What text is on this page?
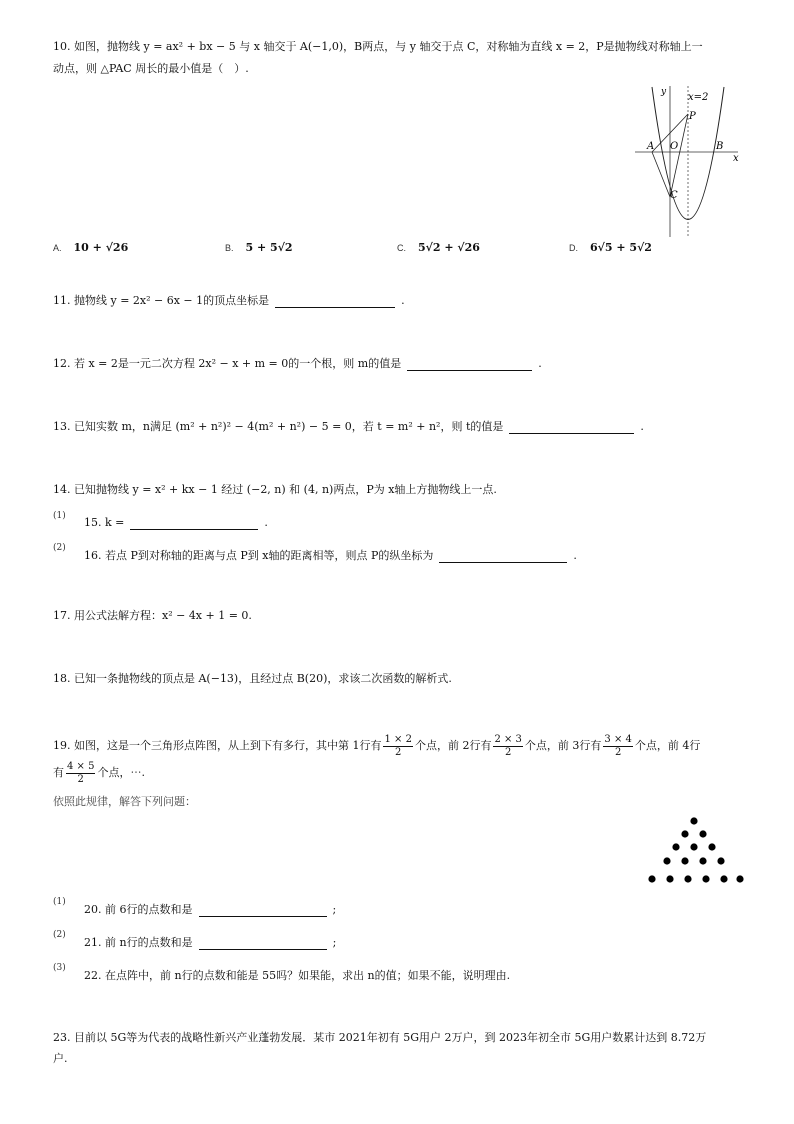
10. 如图，抛物线 y = ax² + bx − 5 与 x 轴交于 A(−1,0)，B两点，与 y 轴交于点 C，对称轴为直线 x = 2，P是抛物线对称轴上一
动点，则 △PAC 周长的最小值是（　）.
y x=2
P
A O	B
x
C
A. 10 + √26	B. 5 + 5√2	C. 5√2 + √26	D. 6√5 + 5√2
11. 抛物线 y = 2x² − 6x − 1的顶点坐标是	.
12. 若 x = 2是一元二次方程 2x² − x + m = 0的一个根，则 m的值是	.
13. 已知实数 m，n满足 (m² + n²)² − 4(m² + n²) − 5 = 0，若 t = m² + n²，则 t的值是	.
14. 已知抛物线 y = x² + kx − 1 经过 (−2, n) 和 (4, n)两点，P为 x轴上方抛物线上一点.
(1) 15. k =	.
(2)
16. 若点 P到对称轴的距离与点 P到 x轴的距离相等，则点 P的纵坐标为	.
17. 用公式法解方程：x² − 4x + 1 = 0.
18. 已知一条抛物线的顶点是 A(−13)，且经过点 B(20)，求该二次函数的解析式.
19. 如图，这是一个三角形点阵图，从上到下有多行，其中第 1行有 $\frac{1 \times 2}{2}$ 个点，前 2行有 $\frac{2 \times 3}{2}$ 个点，前 3行有 $\frac{3 \times 4}{2}$ 个点，前 4行
有 $\frac{4 \times 5}{2}$ 个点，⋯.
依照此规律，解答下列问题：
(1)
20. 前 6行的点数和是	;
(2)
21. 前 n行的点数和是	;
(3)
22. 在点阵中，前 n行的点数和能是 55吗？如果能，求出 n的值；如果不能，说明理由.
23. 目前以 5G等为代表的战略性新兴产业蓬勃发展．某市 2021年初有 5G用户 2万户，到 2023年初全市 5G用户数累计达到 8.72万
户.
